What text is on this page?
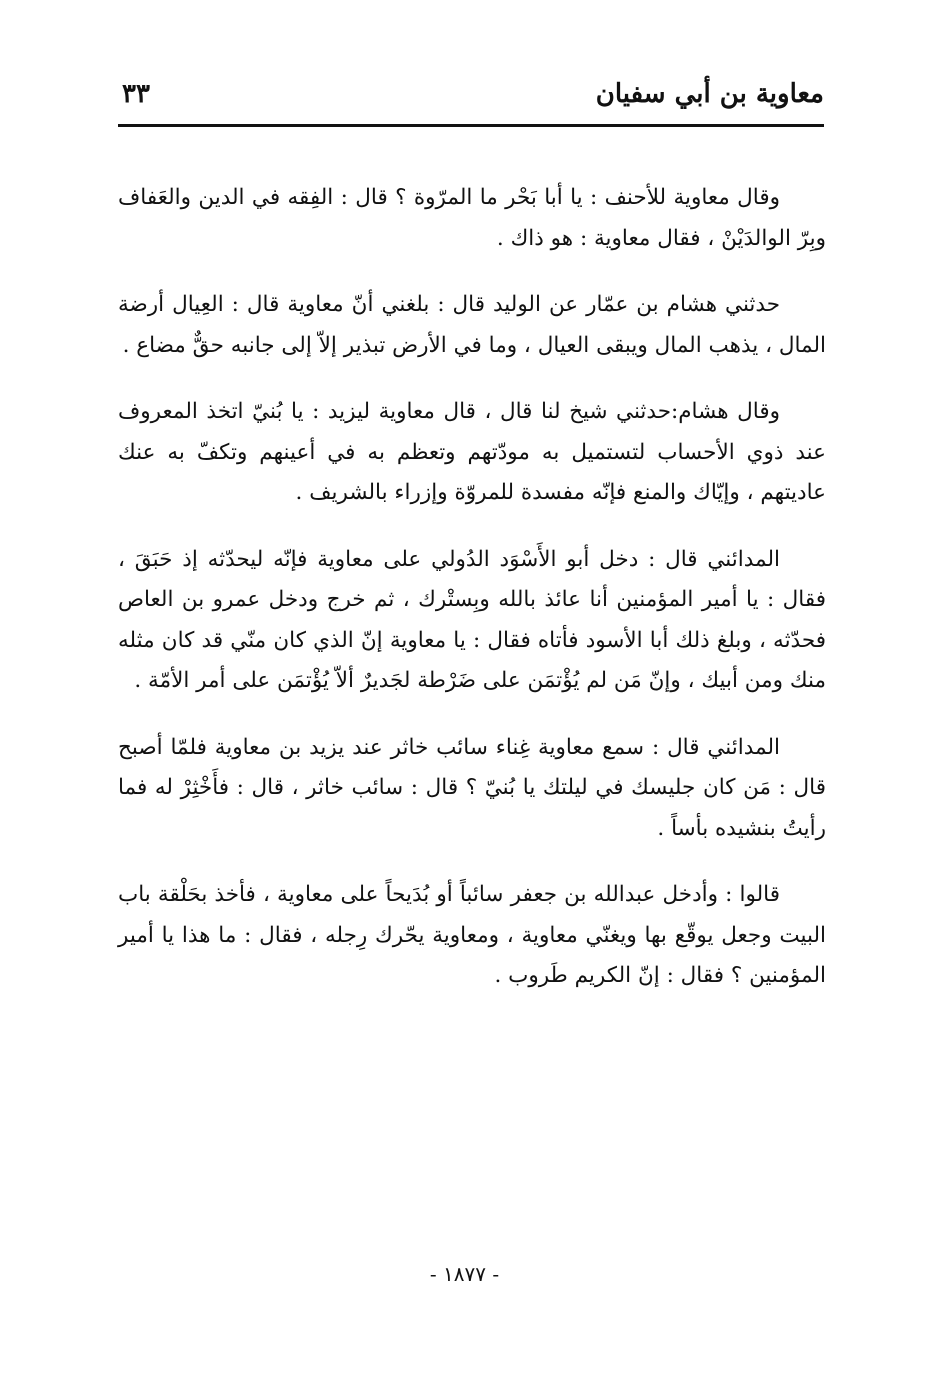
معاوية بن أبي سفيان
٣٣

وقال معاوية للأحنف : يا أبا بَحْر ما المرّوة ؟ قال : الفِقه في الدين والعَفاف وبِرّ الوالدَيْنْ ، فقال معاوية : هو ذاك .

حدثني هشام بن عمّار عن الوليد قال : بلغني أنّ معاوية قال : العِيال أرضة المال ، يذهب المال ويبقى العيال ، وما في الأرض تبذير إلاّ إلى جانبه حقٌّ مضاع .

وقال هشام:حدثني شيخ لنا قال ، قال معاوية ليزيد : يا بُنيّ اتخذ المعروف عند ذوي الأحساب لتستميل به مودّتهم وتعظم به في أعينهم وتكفّ به عنك عاديتهم ، وإيّاك والمنع فإنّه مفسدة للمروّة وإزراء بالشريف .

المدائني قال : دخل أبو الأَسْوَد الدُولي على معاوية فإنّه ليحدّثه إذ حَبَقَ ، فقال : يا أمير المؤمنين أنا عائذ بالله وبِستْرك ، ثم خرج ودخل عمرو بن العاص فحدّثه ، وبلغ ذلك أبا الأسود فأتاه فقال : يا معاوية إنّ الذي كان منّي قد كان مثله منك ومن أبيك ، وإنّ مَن لم يُؤْتمَن على ضَرْطة لجَديرٌ ألاّ يُؤْتمَن على أمر الأمّة .

المدائني قال : سمع معاوية غِناء سائب خاثر عند يزيد بن معاوية فلمّا أصبح قال : مَن كان جليسك في ليلتك يا بُنيّ ؟ قال : سائب خاثر ، قال : فأَخْثِرْ له فما رأيتُ بنشيده بأساً .

قالوا : وأدخل عبدالله بن جعفر سائباً أو بُدَيحاً على معاوية ، فأخذ بحَلْقة باب البيت وجعل يوقّع بها ويغنّي معاوية ، ومعاوية يحّرك رِجله ، فقال : ما هذا يا أمير المؤمنين ؟ فقال : إنّ الكريم طَروب .

- ١٨٧٧ -
